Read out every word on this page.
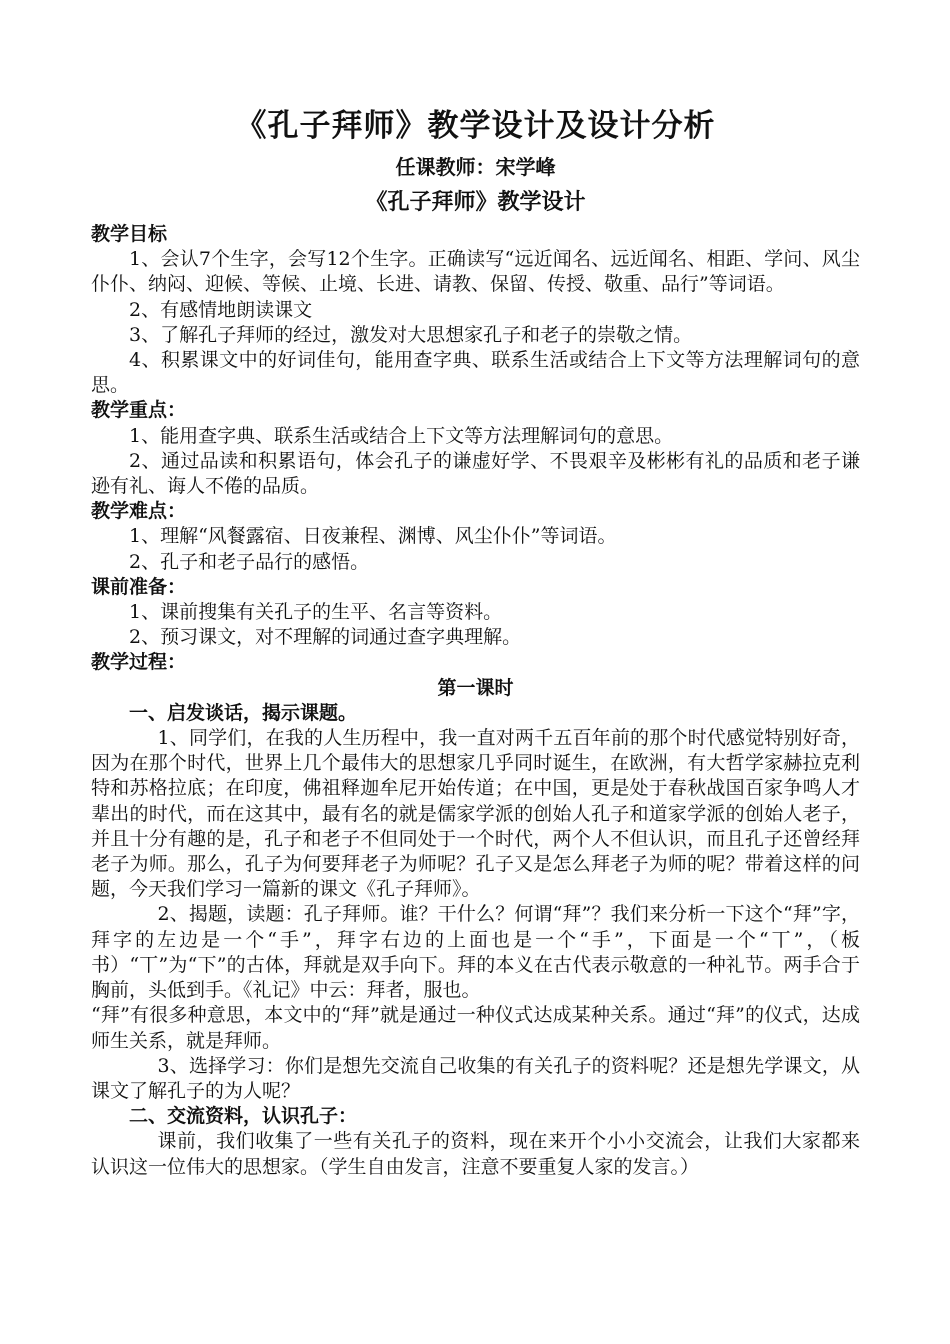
《孔子拜师》教学设计及设计分析
任课教师：宋学峰
《孔子拜师》教学设计
教学目标

1、会认7个生字，会写12个生字。正确读写“远近闻名、远近闻名、相距、学问、风尘仆仆、纳闷、迎候、等候、止境、长进、请教、保留、传授、敬重、品行”等词语。

2、有感情地朗读课文

3、了解孔子拜师的经过，激发对大思想家孔子和老子的崇敬之情。

4、积累课文中的好词佳句，能用查字典、联系生活或结合上下文等方法理解词句的意思。

教学重点：

1、能用查字典、联系生活或结合上下文等方法理解词句的意思。

2、通过品读和积累语句，体会孔子的谦虚好学、不畏艰辛及彬彬有礼的品质和老子谦逊有礼、诲人不倦的品质。

教学难点：

1、理解“风餐露宿、日夜兼程、渊博、风尘仆仆”等词语。

2、孔子和老子品行的感悟。

课前准备：

1、课前搜集有关孔子的生平、名言等资料。

2、预习课文，对不理解的词通过查字典理解。

教学过程：
第一课时
一、启发谈话，揭示课题。

1、同学们，在我的人生历程中，我一直对两千五百年前的那个时代感觉特别好奇，因为在那个时代，世界上几个最伟大的思想家几乎同时诞生，在欧洲，有大哲学家赫拉克利特和苏格拉底；在印度，佛祖释迦牟尼开始传道；在中国，更是处于春秋战国百家争鸣人才辈出的时代，而在这其中，最有名的就是儒家学派的创始人孔子和道家学派的创始人老子，并且十分有趣的是，孔子和老子不但同处于一个时代，两个人不但认识，而且孔子还曾经拜老子为师。那么，孔子为何要拜老子为师呢？孔子又是怎么拜老子为师的呢？带着这样的问题，今天我们学习一篇新的课文《孔子拜师》。

2、揭题，读题：孔子拜师。谁？干什么？何谓“拜”？我们来分析一下这个“拜”字，拜字的左边是一个“手”，拜字右边的上面也是一个“手”，下面是一个“丅”，（板书）“丅”为“下”的古体，拜就是双手向下。拜的本义在古代表示敬意的一种礼节。两手合于胸前，头低到手。《礼记》中云：拜者，服也。

“拜”有很多种意思，本文中的“拜”就是通过一种仪式达成某种关系。通过“拜”的仪式，达成师生关系，就是拜师。

3、选择学习：你们是想先交流自己收集的有关孔子的资料呢？还是想先学课文，从课文了解孔子的为人呢？

二、交流资料，认识孔子：

课前，我们收集了一些有关孔子的资料，现在来开个小小交流会，让我们大家都来认识这一位伟大的思想家。（学生自由发言，注意不要重复人家的发言。）
